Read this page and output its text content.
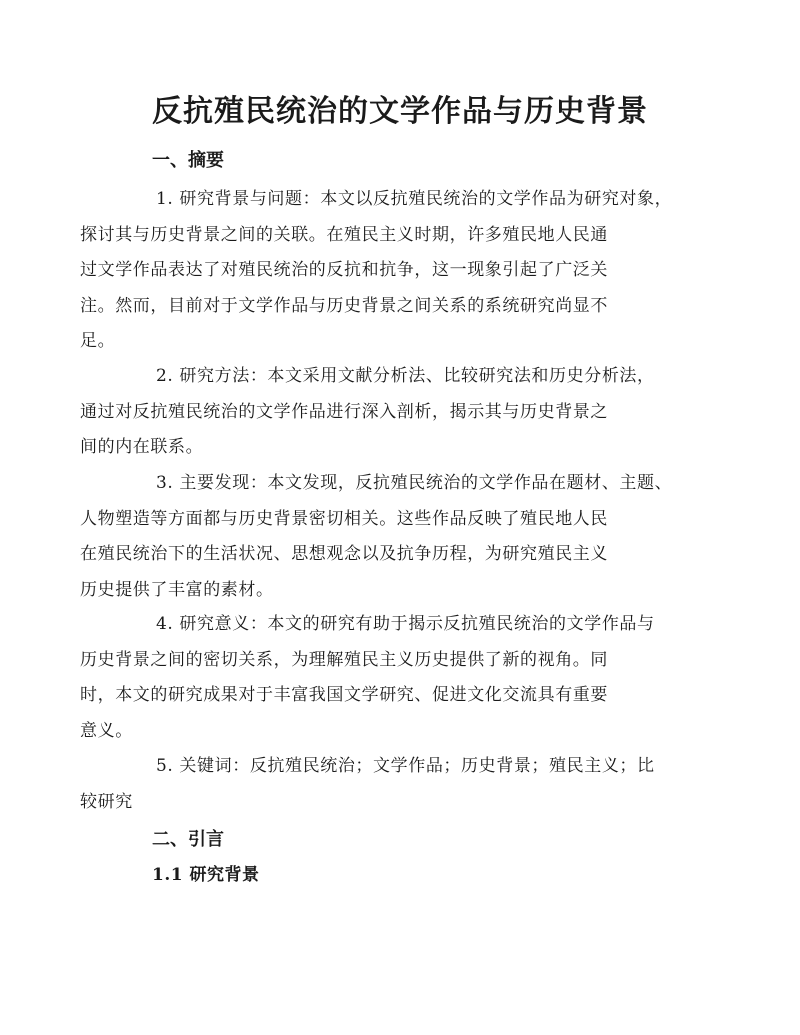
反抗殖民统治的文学作品与历史背景
一、摘要

1. 研究背景与问题：本文以反抗殖民统治的文学作品为研究对象，
探讨其与历史背景之间的关联。在殖民主义时期，许多殖民地人民通
过文学作品表达了对殖民统治的反抗和抗争，这一现象引起了广泛关
注。然而，目前对于文学作品与历史背景之间关系的系统研究尚显不
足。

2. 研究方法：本文采用文献分析法、比较研究法和历史分析法，
通过对反抗殖民统治的文学作品进行深入剖析，揭示其与历史背景之
间的内在联系。

3. 主要发现：本文发现，反抗殖民统治的文学作品在题材、主题、
人物塑造等方面都与历史背景密切相关。这些作品反映了殖民地人民
在殖民统治下的生活状况、思想观念以及抗争历程，为研究殖民主义
历史提供了丰富的素材。

4. 研究意义：本文的研究有助于揭示反抗殖民统治的文学作品与
历史背景之间的密切关系，为理解殖民主义历史提供了新的视角。同
时，本文的研究成果对于丰富我国文学研究、促进文化交流具有重要
意义。

5. 关键词：反抗殖民统治；文学作品；历史背景；殖民主义；比
较研究

二、引言
1.1 研究背景
